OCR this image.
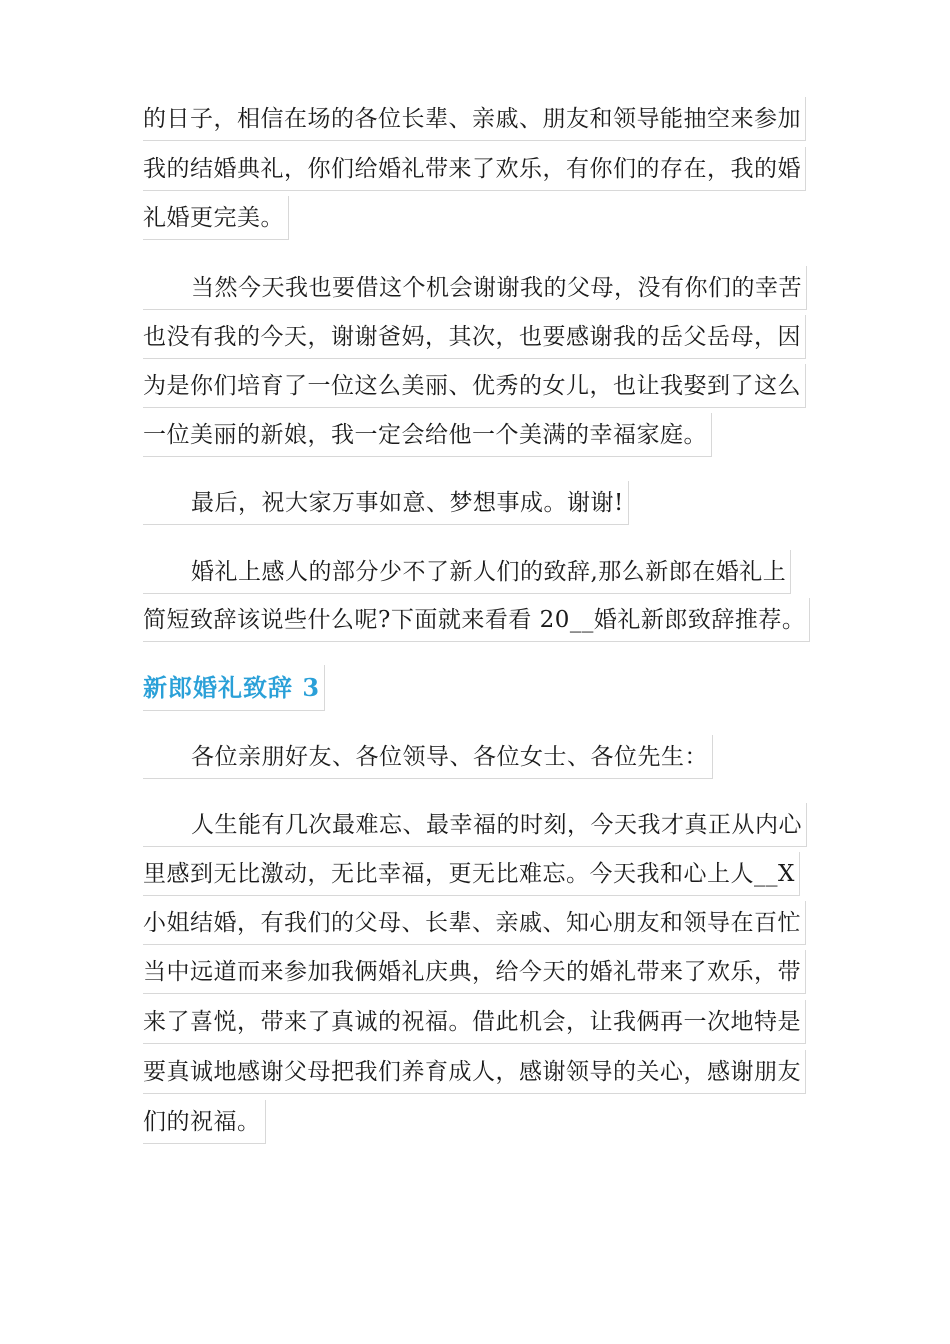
的日子，相信在场的各位长辈、亲戚、朋友和领导能抽空来参加
我的结婚典礼，你们给婚礼带来了欢乐，有你们的存在，我的婚
礼婚更完美。
当然今天我也要借这个机会谢谢我的父母，没有你们的幸苦
也没有我的今天，谢谢爸妈，其次，也要感谢我的岳父岳母，因
为是你们培育了一位这么美丽、优秀的女儿，也让我娶到了这么
一位美丽的新娘，我一定会给他一个美满的幸福家庭。
最后，祝大家万事如意、梦想事成。谢谢!
婚礼上感人的部分少不了新人们的致辞,那么新郎在婚礼上
简短致辞该说些什么呢?下面就来看看 20__婚礼新郎致辞推荐。
新郎婚礼致辞 3
各位亲朋好友、各位领导、各位女士、各位先生：
人生能有几次最难忘、最幸福的时刻，今天我才真正从内心
里感到无比激动，无比幸福，更无比难忘。今天我和心上人__X
小姐结婚，有我们的父母、长辈、亲戚、知心朋友和领导在百忙
当中远道而来参加我俩婚礼庆典，给今天的婚礼带来了欢乐，带
来了喜悦，带来了真诚的祝福。借此机会，让我俩再一次地特是
要真诚地感谢父母把我们养育成人，感谢领导的关心，感谢朋友
们的祝福。
